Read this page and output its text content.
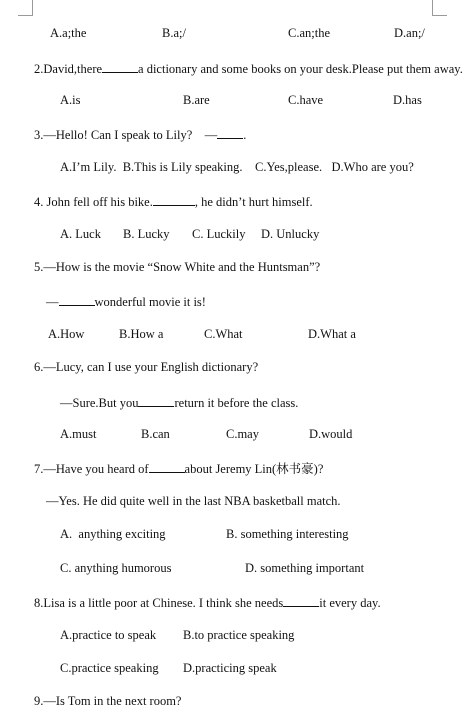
A.a;the	B.a;/	C.an;the	D.an;/
2.David,there	a dictionary and some books on your desk.Please put them away.
A.is	B.are	C.have	D.has
3.—Hello! Can I speak to Lily?    — .
A.I’m Lily.  B.This is Lily speaking.    C.Yes,please.   D.Who are you?
4. John fell off his bike.	, he didn’t hurt himself.
A. Luck B. Lucky C. Luckily D. Unlucky
5.—How is the movie “Snow White and the Huntsman”?
—	wonderful movie it is!
A.How	B.How a	C.What	D.What a
6.—Lucy, can I use your English dictionary?
—Sure.But you	return it before the class.
A.must	B.can	C.may	D.would
7.—Have you heard of	about Jeremy Lin(林书豪)?
—Yes. He did quite well in the last NBA basketball match.
A.  anything exciting	B. something interesting
C. anything humorous	D. something important
8.Lisa is a little poor at Chinese. I think she needs	it every day.
A.practice to speak B.to practice speaking
C.practice speaking D.practicing speak
9.—Is Tom in the next room?
